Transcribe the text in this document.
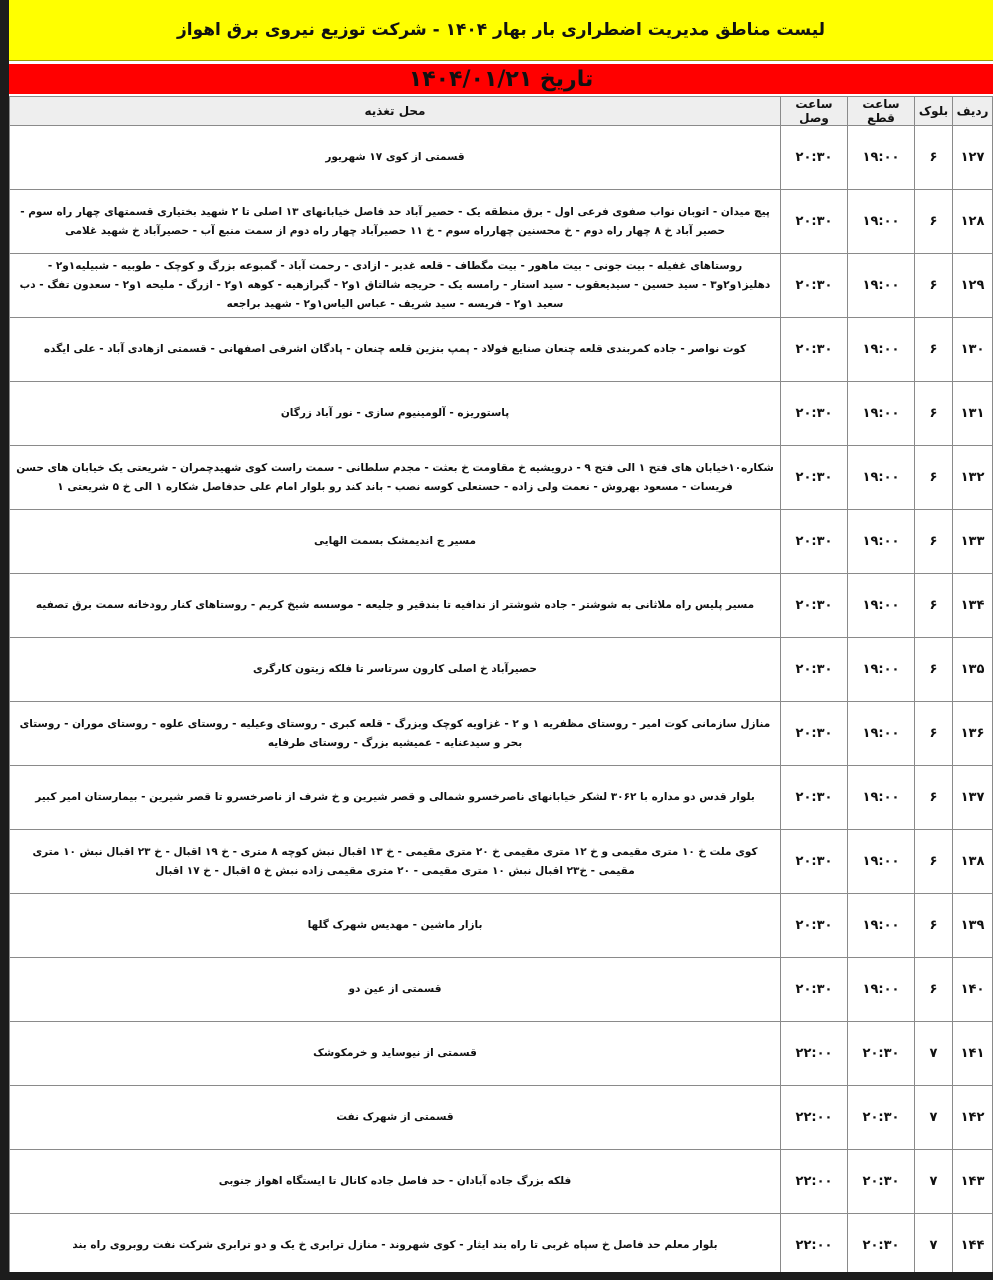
لیست مناطق مدیریت اضطراری بار بهار ۱۴۰۴ - شرکت توزیع نیروی برق اهواز
تاریخ ۱۴۰۴/۰۱/۲۱
ردیف	بلوک	ساعت قطع	ساعت وصل	محل تغذیه
۱۲۷	۶	۱۹:۰۰	۲۰:۳۰	قسمتی از کوی ۱۷ شهریور
۱۲۸	۶	۱۹:۰۰	۲۰:۳۰	پیچ میدان - اتوبان نواب صفوی فرعی اول - برق منطقه یک - حصیر آباد حد فاصل خیابانهای ۱۳ اصلی تا ۲ شهید بختیاری قسمتهای چهار راه سوم - حصیر آباد خ ۸ چهار راه دوم - خ محسنین چهارراه سوم - خ ۱۱ حصیرآباد چهار راه دوم از سمت منبع آب - حصیرآباد خ شهید غلامی
۱۲۹	۶	۱۹:۰۰	۲۰:۳۰	روستاهای غفیله - بیت جونی - بیت ماهور - بیت مگطاف - قلعه غدیر - ازادی - رحمت آباد - گمبوعه بزرگ و کوچک - طوبیه - شبیلیه۱و۲ - دهلیز۱و۲و۳ - سید حسین - سیدیعقوب - سید استار - رامسه یک - حریجه شالتاق ۱و۲ - گبرازهیه - کوهه ۱و۲ - ازرگ - ملیحه ۱و۲ - سعدون تفگ - دب سعید ۱و۲ - فریسه - سید شریف - عباس الیاس۱و۲ - شهید براجعه
۱۳۰	۶	۱۹:۰۰	۲۰:۳۰	کوت نواصر - جاده کمربندی قلعه چنعان صنایع فولاد - پمپ بنزین قلعه چنعان - پادگان اشرفی اصفهانی - قسمتی ازهادی آباد - علی ایگده
۱۳۱	۶	۱۹:۰۰	۲۰:۳۰	پاستوریزه - آلومینیوم سازی - نور آباد زرگان
۱۳۲	۶	۱۹:۰۰	۲۰:۳۰	شکاره۱۰خیابان های فتح ۱ الی فتح ۹ - درویشیه خ مقاومت خ بعثت - مجدم سلطانی - سمت راست کوی شهیدچمران - شریعتی یک خیابان های حسن فریسات - مسعود بهروش - نعمت ولی زاده - حستعلی کوسه نصب - باند کند رو بلوار امام علی حدفاصل شکاره ۱ الی خ ۵ شریعتی ۱
۱۳۳	۶	۱۹:۰۰	۲۰:۳۰	مسیر ج اندیمشک بسمت الهایی
۱۳۴	۶	۱۹:۰۰	۲۰:۳۰	مسیر پلیس راه ملاثانی به شوشتر - جاده شوشتر از ندافیه تا بندقیر و جلیعه - موسسه شیخ کریم - روستاهای کنار رودخانه سمت برق تصفیه
۱۳۵	۶	۱۹:۰۰	۲۰:۳۰	حصیرآباد خ اصلی کارون سرتاسر تا فلکه زیتون کارگری
۱۳۶	۶	۱۹:۰۰	۲۰:۳۰	منازل سازمانی کوت امیر - روستای مظفریه ۱ و ۲ - غزاویه کوچک وبزرگ - قلعه کبری - روستای وعیلیه - روستای علوه - روستای موران - روستای بحر و سیدعنایه - عمیشیه بزرگ - روستای طرفایه
۱۳۷	۶	۱۹:۰۰	۲۰:۳۰	بلوار قدس دو مداره با ۳۰۶۲ لشکر خیابانهای ناصرخسرو شمالی و قصر شیرین و خ شرف از ناصرخسرو تا قصر شیرین - بیمارستان امیر کبیر
۱۳۸	۶	۱۹:۰۰	۲۰:۳۰	کوی ملت خ ۱۰ متری مقیمی و خ ۱۲ متری مقیمی خ ۲۰ متری مقیمی - خ ۱۳ اقبال نبش کوچه ۸ متری - خ ۱۹ اقبال - خ ۲۳ اقبال نبش ۱۰ متری مقیمی - خ۲۳ اقبال نبش ۱۰ متری مقیمی - ۲۰ متری مقیمی زاده نبش خ ۵ اقبال - خ ۱۷ اقبال
۱۳۹	۶	۱۹:۰۰	۲۰:۳۰	بازار ماشین - مهدیس شهرک گلها
۱۴۰	۶	۱۹:۰۰	۲۰:۳۰	قسمتی از عین دو
۱۴۱	۷	۲۰:۳۰	۲۲:۰۰	قسمتی از نیوساید و خرمکوشک
۱۴۲	۷	۲۰:۳۰	۲۲:۰۰	قسمتی از شهرک نفت
۱۴۳	۷	۲۰:۳۰	۲۲:۰۰	فلکه بزرگ جاده آبادان - حد فاصل جاده کانال تا ایستگاه اهواز جنوبی
۱۴۴	۷	۲۰:۳۰	۲۲:۰۰	بلوار معلم حد فاصل خ سپاه غربی تا راه بند ایثار - کوی شهروند - منازل ترابری خ یک و دو ترابری شرکت نفت روبروی راه بند
